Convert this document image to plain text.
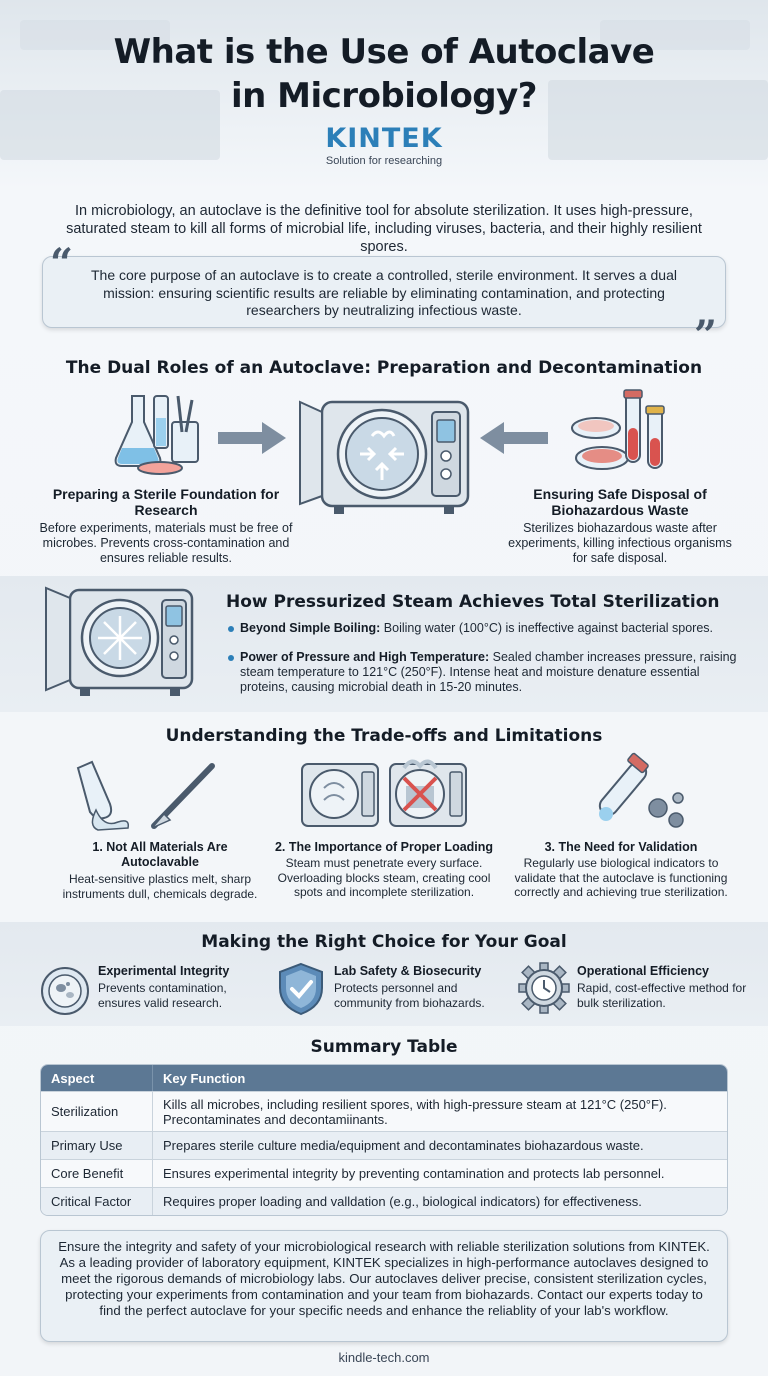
What is the Use of Autoclave
in Microbiology?
KINTEK
Solution for researching

In microbiology, an autoclave is the definitive tool for absolute sterilization. It uses high-pressure, saturated steam to kill all forms of microbial life, including viruses, bacteria, and their highly resilient spores.

The core purpose of an autoclave is to create a controlled, sterile environment. It serves a dual mission: ensuring scientific results are reliable by eliminating contamination, and protecting researchers by neutralizing infectious waste.
“
”
The Dual Roles of an Autoclave: Preparation and Decontamination
Preparing a Sterile Foundation for Research
Before experiments, materials must be free of microbes. Prevents cross-contamination and ensures reliable results.
Ensuring Safe Disposal of Biohazardous Waste
Sterilizes biohazardous waste after experiments, killing infectious organisms for safe disposal.
How Pressurized Steam Achieves Total Sterilization
Beyond Simple Boiling: Boiling water (100°C) is ineffective against bacterial spores.
Power of Pressure and High Temperature: Sealed chamber increases pressure, raising steam temperature to 121°C (250°F). Intense heat and moisture denature essential proteins, causing microbial death in 15-20 minutes.
Understanding the Trade-offs and Limitations
1. Not All Materials Are Autoclavable
Heat-sensitive plastics melt, sharp instruments dull, chemicals degrade.
2. The Importance of Proper Loading
Steam must penetrate every surface. Overloading blocks steam, creating cool spots and incomplete sterilization.
3. The Need for Validation
Regularly use biological indicators to validate that the autoclave is functioning correctly and achieving true sterilization.
Making the Right Choice for Your Goal
Experimental Integrity
Prevents contamination, ensures valid research.
Lab Safety & Biosecurity
Protects personnel and community from biohazards.
Operational Efficiency
Rapid, cost-effective method for bulk sterilization.
Summary Table
Aspect	Key Function
Sterilization	Kills all microbes, including resilient spores, with high-pressure steam at 121°C (250°F). Precontaminates and decontamiinants.
Primary Use	Prepares sterile culture media/equipment and decontaminates biohazardous waste.
Core Benefit	Ensures experimental integrity by preventing contamination and protects lab personnel.
Critical Factor	Requires proper loading and valldation (e.g., biological indicators) for effectiveness.
Ensure the integrity and safety of your microbiological research with reliable sterilization solutions from KINTEK. As a leading provider of laboratory equipment, KINTEK specializes in high-performance autoclaves designed to meet the rigorous demands of microbiology labs. Our autoclaves deliver precise, consistent sterilization cycles, protecting your experiments from contamination and your team from biohazards. Contact our experts today to find the perfect autoclave for your specific needs and enhance the reliablity of your lab's workflow.
kindle-tech.com
